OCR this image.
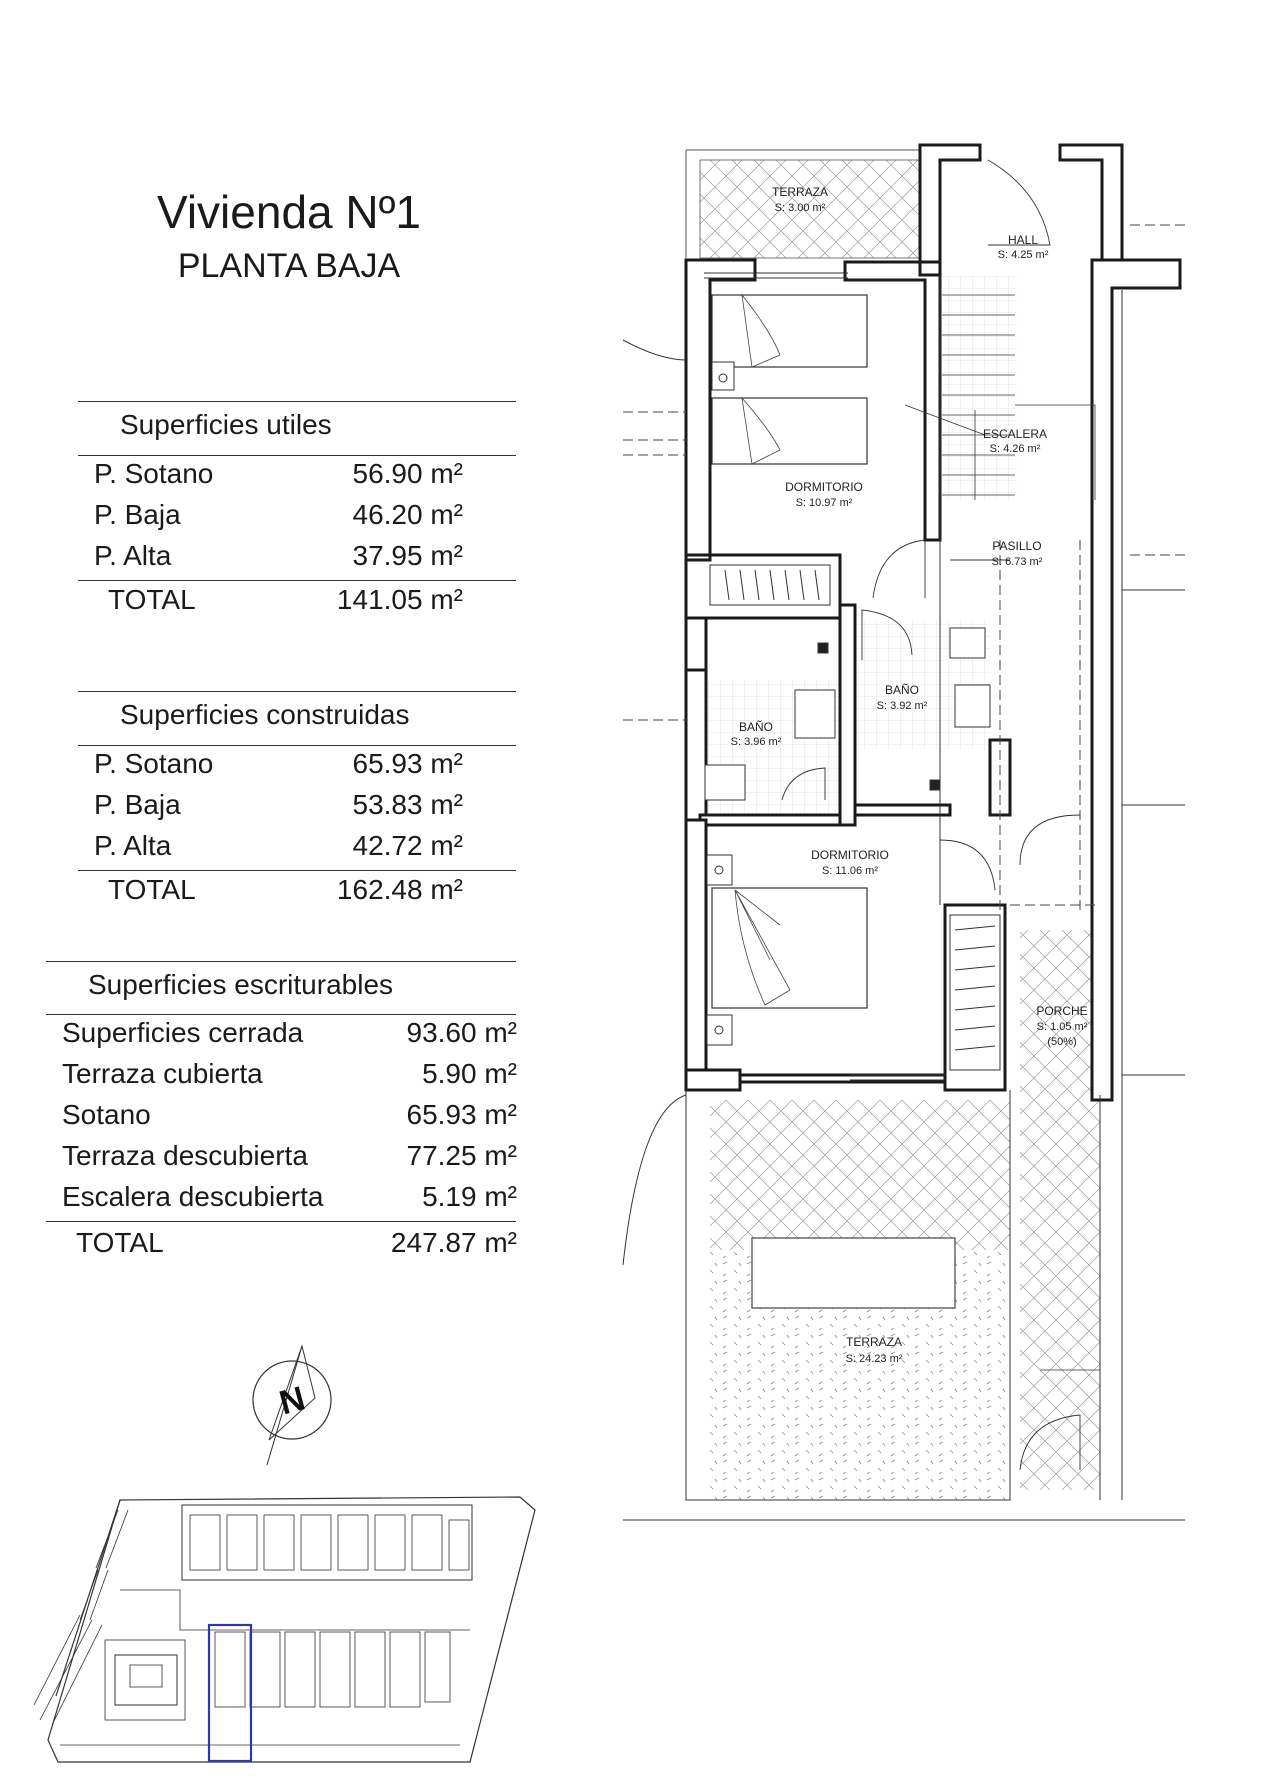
Vivienda Nº1
PLANTA BAJA
Superficies utiles
P. Sotano	56.90 m²
P. Baja	46.20 m²
P. Alta	37.95 m²
TOTAL	141.05 m²
Superficies construidas
P. Sotano	65.93 m²
P. Baja	53.83 m²
P. Alta	42.72 m²
TOTAL	162.48 m²
Superficies escriturables
Superficies cerrada	93.60 m²
Terraza cubierta	5.90 m²
Sotano	65.93 m²
Terraza descubierta	77.25 m²
Escalera descubierta	5.19 m²
TOTAL	247.87 m²
N
TERRAZA
S: 3.00 m²
HALL
S: 4.25 m²
ESCALERA
S: 4.26 m²
DORMITORIO
S: 10.97 m²
PASILLO
S: 6.73 m²
BAÑO
S: 3.92 m²
BAÑO
S: 3.96 m²
DORMITORIO
S: 11.06 m²
PORCHE
S: 1.05 m²
(50%)
TERRAZA
S: 24.23 m²
